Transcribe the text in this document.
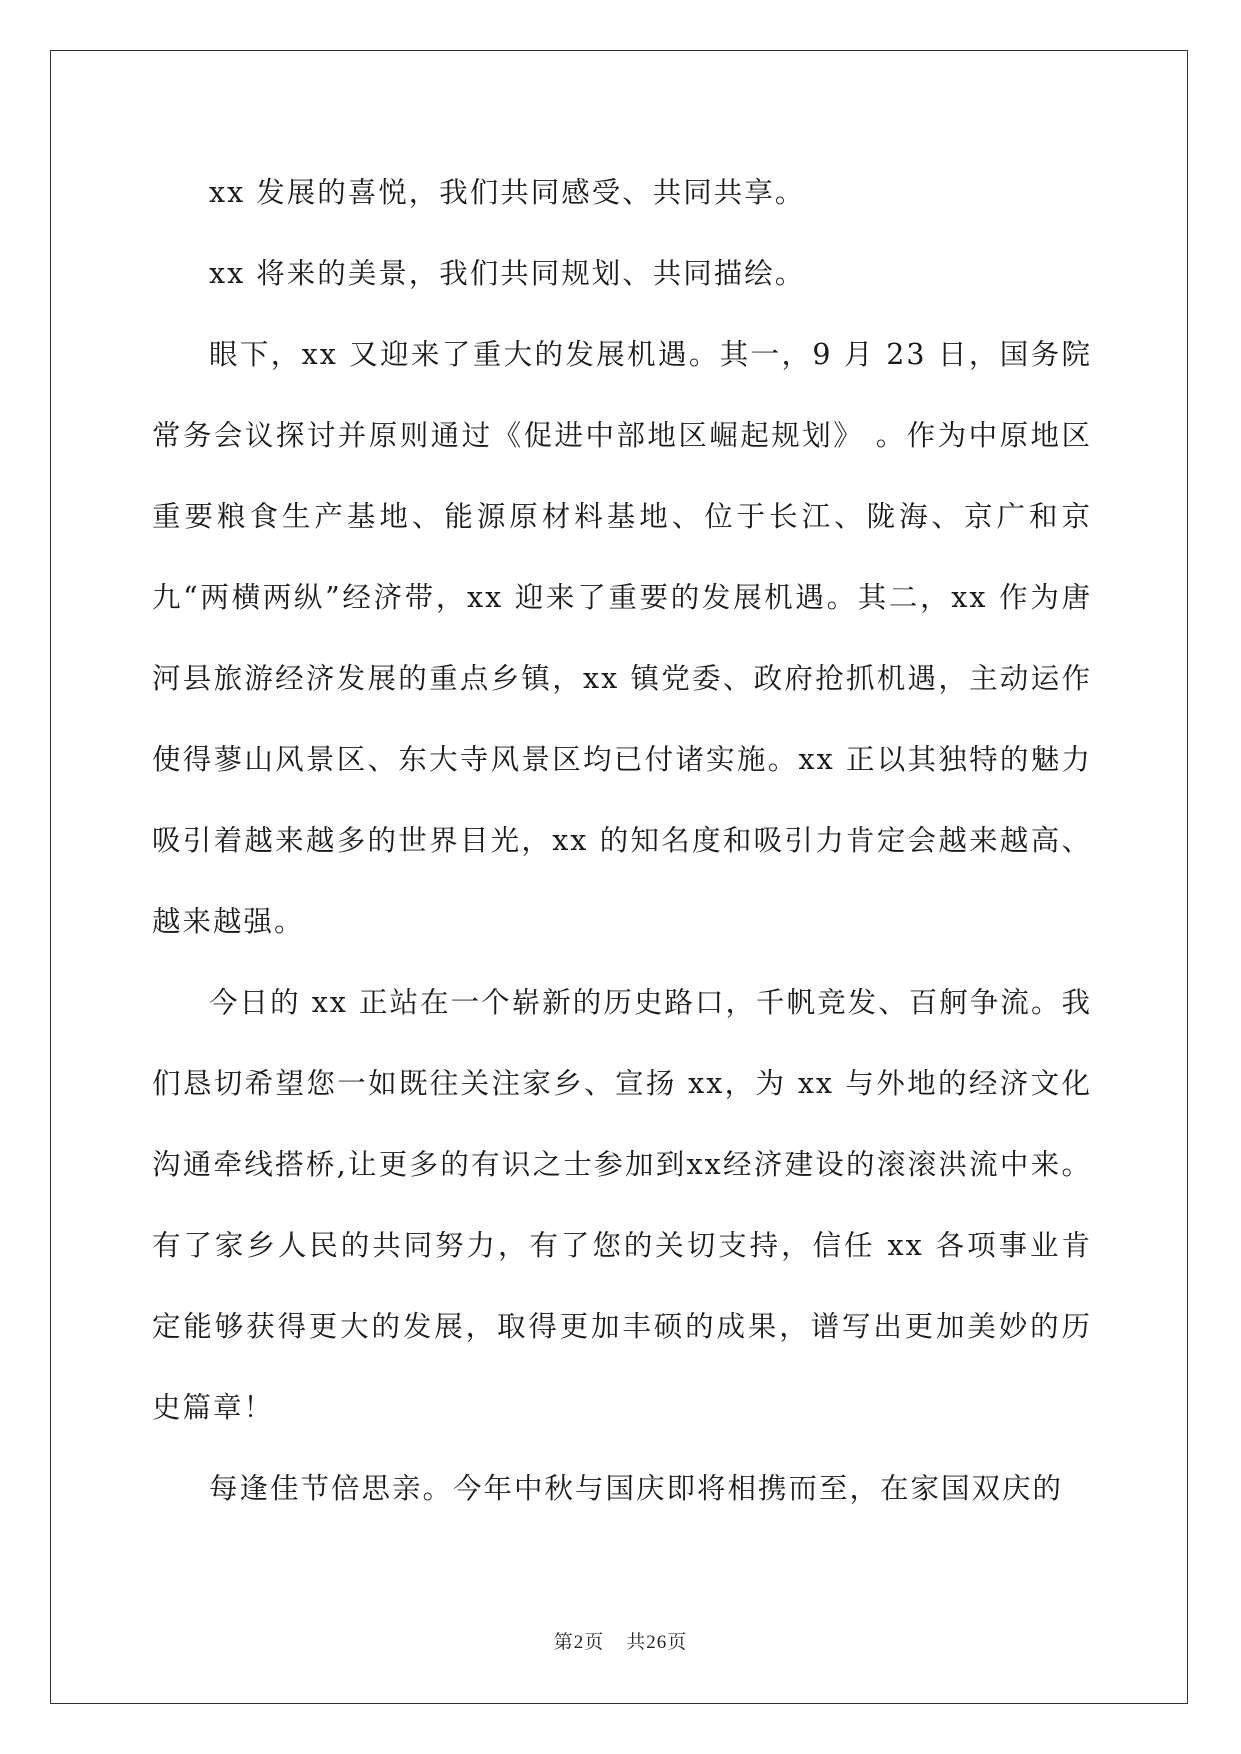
xx 发展的喜悦，我们共同感受、共同共享。

xx 将来的美景，我们共同规划、共同描绘。

眼下，xx 又迎来了重大的发展机遇。其一，9 月 23 日，国务院常务会议探讨并原则通过《促进中部地区崛起规划》 。作为中原地区重要粮食生产基地、能源原材料基地、位于长江、陇海、京广和京九“两横两纵”经济带，xx 迎来了重要的发展机遇。其二，xx 作为唐河县旅游经济发展的重点乡镇，xx 镇党委、政府抢抓机遇，主动运作使得蓼山风景区、东大寺风景区均已付诸实施。xx 正以其独特的魅力吸引着越来越多的世界目光，xx 的知名度和吸引力肯定会越来越高、越来越强。

今日的 xx 正站在一个崭新的历史路口，千帆竞发、百舸争流。我们恳切希望您一如既往关注家乡、宣扬 xx，为 xx 与外地的经济文化沟通牵线搭桥,让更多的有识之士参加到xx经济建设的滚滚洪流中来。有了家乡人民的共同努力，有了您的关切支持，信任 xx 各项事业肯定能够获得更大的发展，取得更加丰硕的成果，谱写出更加美妙的历史篇章！

每逢佳节倍思亲。今年中秋与国庆即将相携而至，在家国双庆的

第2页 共26页
